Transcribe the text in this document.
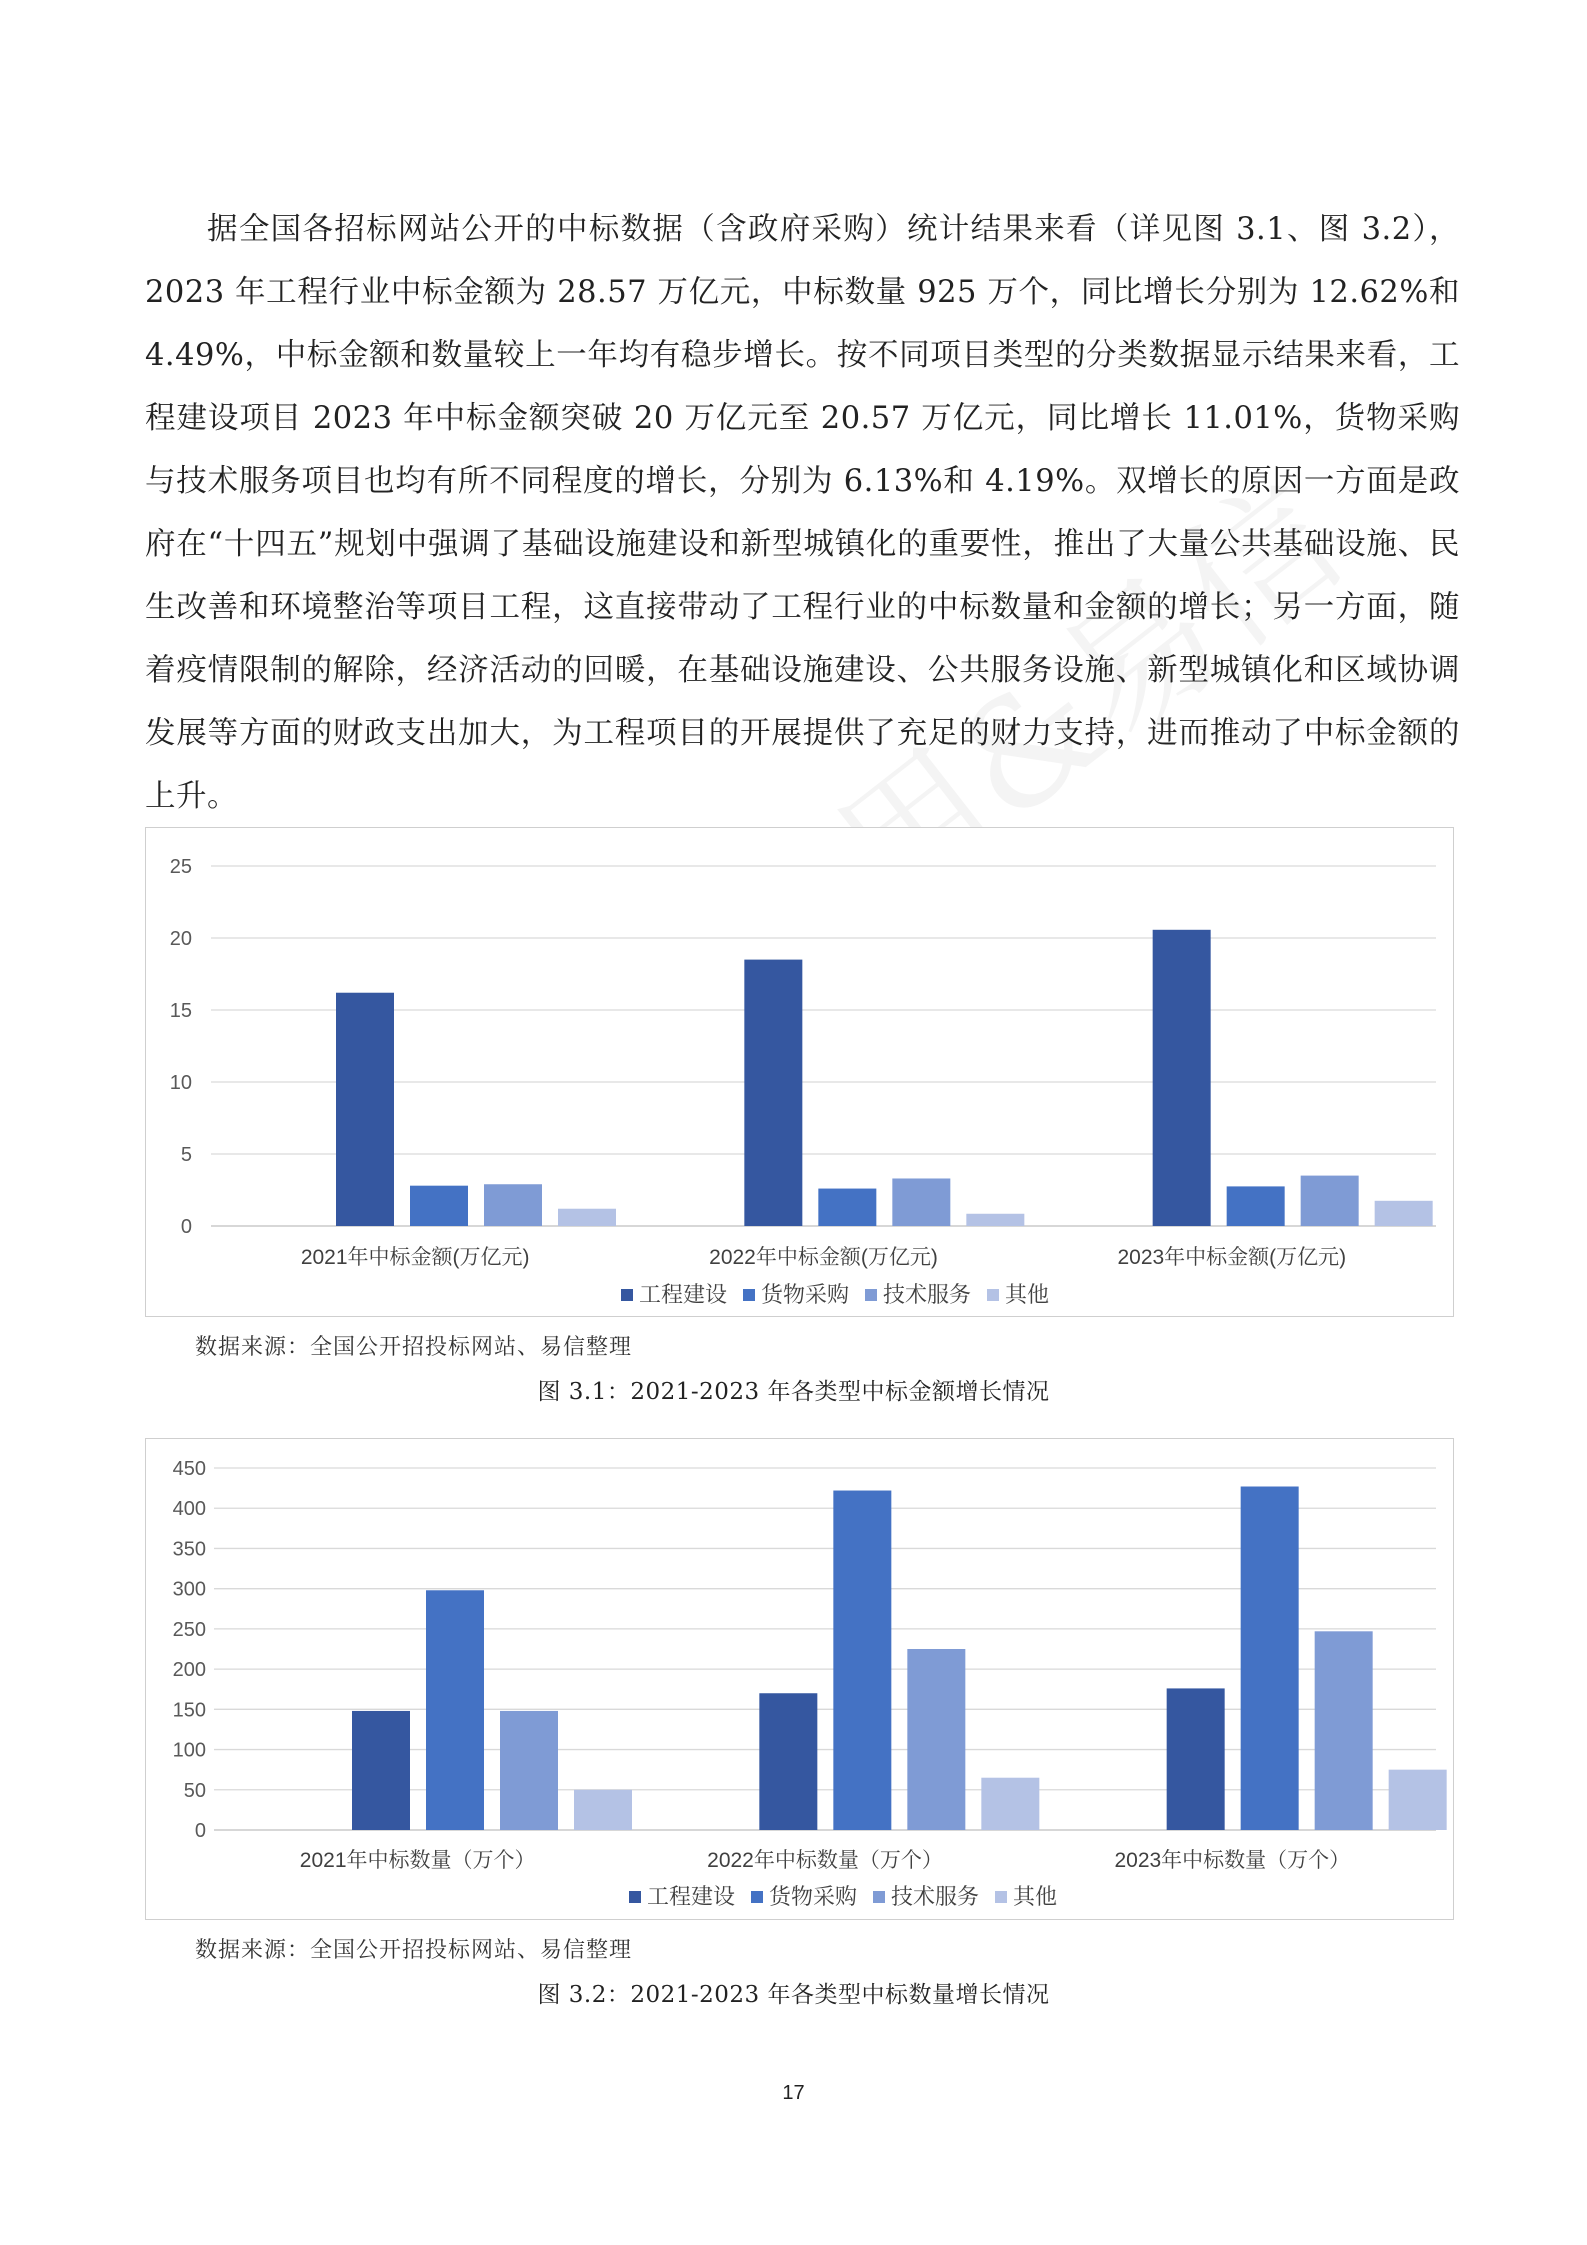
据全国各招标网站公开的中标数据（含政府采购）统计结果来看（详见图 3.1、图 3.2），2023 年工程行业中标金额为 28.57 万亿元，中标数量 925 万个，同比增长分别为 12.62%和 4.49%，中标金额和数量较上一年均有稳步增长。按不同项目类型的分类数据显示结果来看，工程建设项目 2023 年中标金额突破 20 万亿元至 20.57 万亿元，同比增长 11.01%，货物采购与技术服务项目也均有所不同程度的增长，分别为 6.13%和 4.19%。双增长的原因一方面是政府在“十四五”规划中强调了基础设施建设和新型城镇化的重要性，推出了大量公共基础设施、民生改善和环境整治等项目工程，这直接带动了工程行业的中标数量和金额的增长；另一方面，随着疫情限制的解除，经济活动的回暖，在基础设施建设、公共服务设施、新型城镇化和区域协调发展等方面的财政支出加大，为工程项目的开展提供了充足的财力支持，进而推动了中标金额的上升。

0
5
10
15
20
25
2021年中标金额(万亿元)	2022年中标金额(万亿元)	2023年中标金额(万亿元)
工程建设 货物采购 技术服务 其他
数据来源：全国公开招投标网站、易信整理
图 3.1：2021-2023 年各类型中标金额增长情况
0
50
100
150
200
250
300
350
400
450
2021年中标数量（万个）	2022年中标数量（万个）	2023年中标数量（万个）
工程建设 货物采购 技术服务 其他
数据来源：全国公开招投标网站、易信整理
图 3.2：2021-2023 年各类型中标数量增长情况
17
